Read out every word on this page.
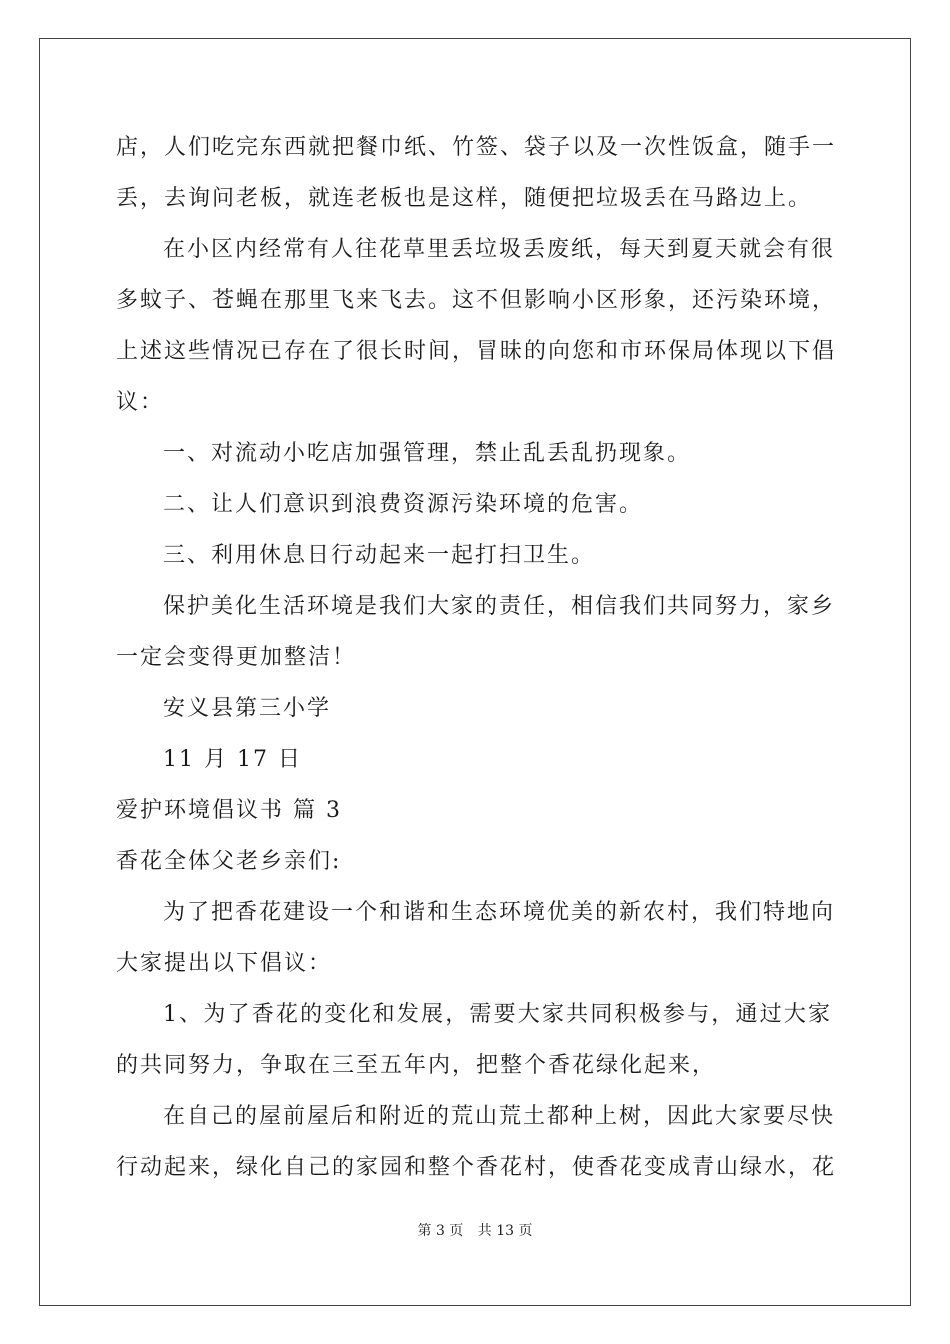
店，人们吃完东西就把餐巾纸、竹签、袋子以及一次性饭盒，随手一
丢，去询问老板，就连老板也是这样，随便把垃圾丢在马路边上。
在小区内经常有人往花草里丢垃圾丢废纸，每天到夏天就会有很
多蚊子、苍蝇在那里飞来飞去。这不但影响小区形象，还污染环境，
上述这些情况已存在了很长时间，冒昧的向您和市环保局体现以下倡
议：
一、对流动小吃店加强管理，禁止乱丢乱扔现象。
二、让人们意识到浪费资源污染环境的危害。
三、利用休息日行动起来一起打扫卫生。
保护美化生活环境是我们大家的责任，相信我们共同努力，家乡
一定会变得更加整洁！
安义县第三小学
11 月 17 日
爱护环境倡议书 篇 3
香花全体父老乡亲们:
为了把香花建设一个和谐和生态环境优美的新农村，我们特地向
大家提出以下倡议：
1、为了香花的变化和发展，需要大家共同积极参与，通过大家
的共同努力，争取在三至五年内，把整个香花绿化起来，
在自己的屋前屋后和附近的荒山荒土都种上树，因此大家要尽快
行动起来，绿化自己的家园和整个香花村，使香花变成青山绿水，花
第 3 页 共 13 页
